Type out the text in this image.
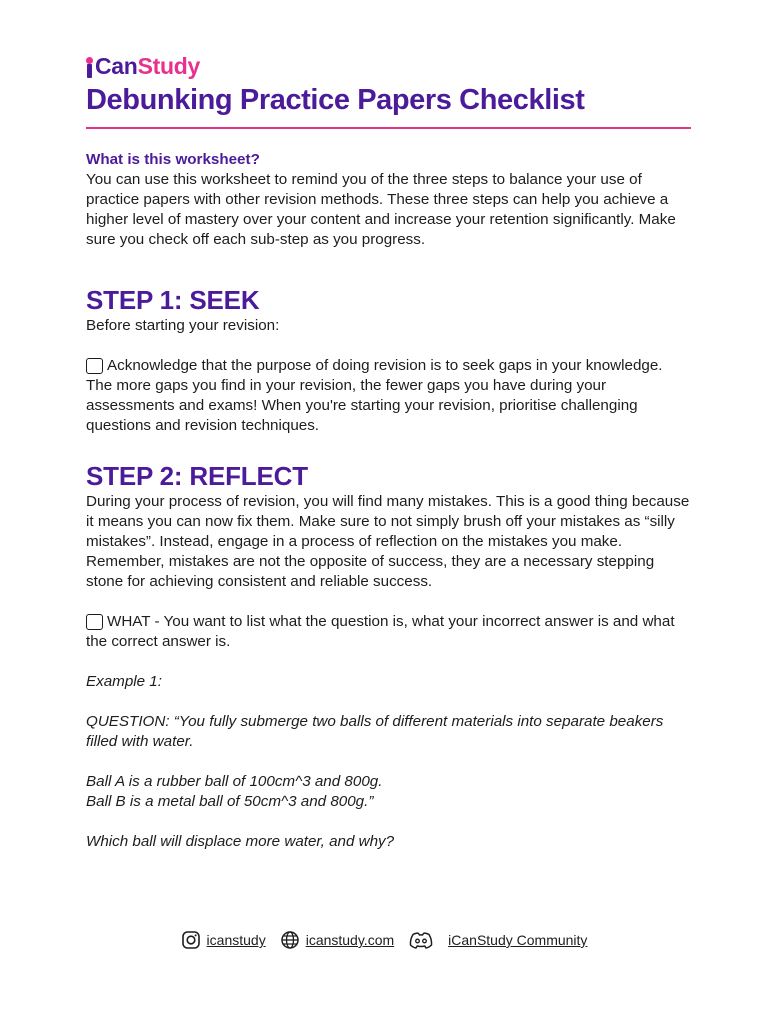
CanStudy
Debunking Practice Papers Checklist

What is this worksheet?

You can use this worksheet to remind you of the three steps to balance your use of practice papers with other revision methods. These three steps can help you achieve a higher level of mastery over your content and increase your retention significantly. Make sure you check off each sub-step as you progress.

STEP 1: SEEK

Before starting your revision:

Acknowledge that the purpose of doing revision is to seek gaps in your knowledge. The more gaps you find in your revision, the fewer gaps you have during your assessments and exams! When you're starting your revision, prioritise challenging questions and revision techniques.

STEP 2: REFLECT

During your process of revision, you will find many mistakes. This is a good thing because it means you can now fix them. Make sure to not simply brush off your mistakes as “silly mistakes”. Instead, engage in a process of reflection on the mistakes you make. Remember, mistakes are not the opposite of success, they are a necessary stepping stone for achieving consistent and reliable success.

WHAT - You want to list what the question is, what your incorrect answer is and what the correct answer is.

Example 1:

QUESTION: “You fully submerge two balls of different materials into separate beakers filled with water.

Ball A is a rubber ball of 100cm^3 and 800g.

Ball B is a metal ball of 50cm^3 and 800g.”

Which ball will displace more water, and why?

icanstudy	icanstudy.com	iCanStudy Community
